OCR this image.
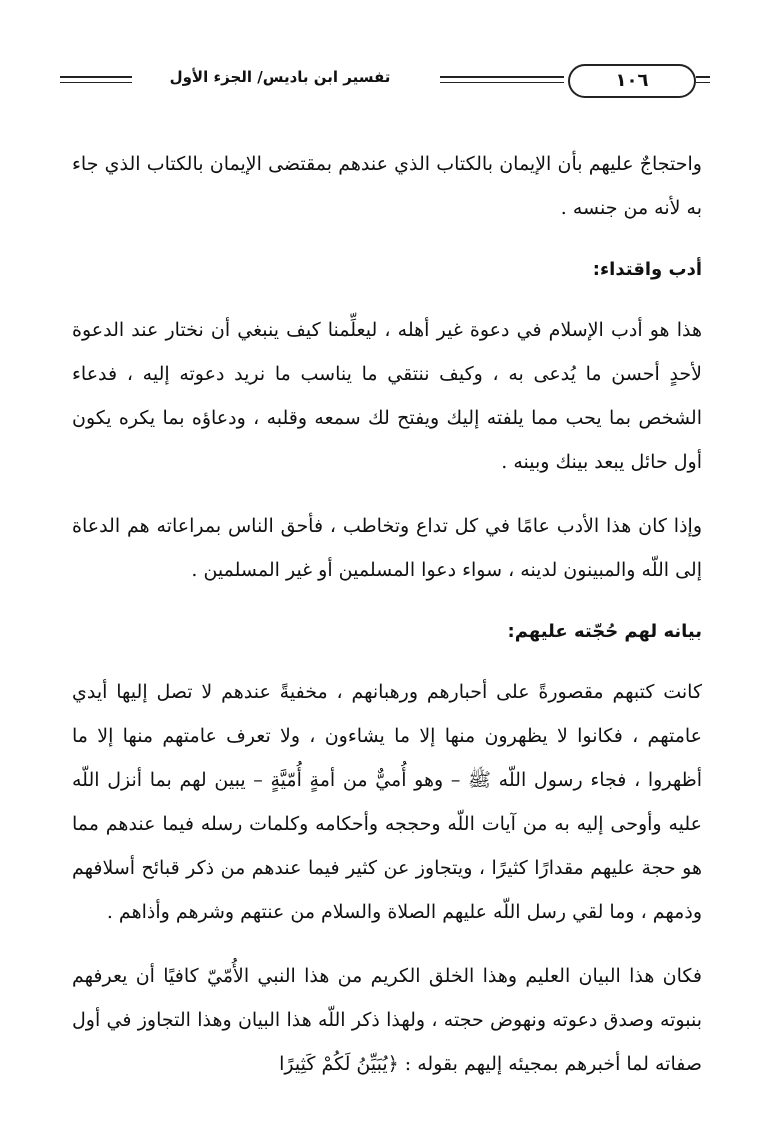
تفسير ابن باديس/ الجزء الأول	١٠٦

واحتجاجٌ عليهم بأن الإيمان بالكتاب الذي عندهم بمقتضى الإيمان بالكتاب الذي جاء به لأنه من جنسه .

أدب واقتداء:

هذا هو أدب الإسلام في دعوة غير أهله ، ليعلِّمنا كيف ينبغي أن نختار عند الدعوة لأحدٍ أحسن ما يُدعى به ، وكيف ننتقي ما يناسب ما نريد دعوته إليه ، فدعاء الشخص بما يحب مما يلفته إليك ويفتح لك سمعه وقلبه ، ودعاؤه بما يكره يكون أول حائل يبعد بينك وبينه .

وإذا كان هذا الأدب عامًا في كل تداع وتخاطب ، فأحق الناس بمراعاته هم الدعاة إلى اللّه والمبينون لدينه ، سواء دعوا المسلمين أو غير المسلمين .

بيانه لهم حُجّته عليهم:

كانت كتبهم مقصورةً على أحبارهم ورهبانهم ، مخفيةً عندهم لا تصل إليها أيدي عامتهم ، فكانوا لا يظهرون منها إلا ما يشاءون ، ولا تعرف عامتهم منها إلا ما أظهروا ، فجاء رسول اللّه ﷺ – وهو أُميٌّ من أمةٍ أُمّيَّةٍ – يبين لهم بما أنزل اللّه عليه وأوحى إليه به من آيات اللّه وحججه وأحكامه وكلمات رسله فيما عندهم مما هو حجة عليهم مقدارًا كثيرًا ، ويتجاوز عن كثير فيما عندهم من ذكر قبائح أسلافهم وذمهم ، وما لقي رسل اللّه عليهم الصلاة والسلام من عنتهم وشرهم وأذاهم .

فكان هذا البيان العليم وهذا الخلق الكريم من هذا النبي الأُمّيّ كافيًا أن يعرفهم بنبوته وصدق دعوته ونهوض حجته ، ولهذا ذكر اللّه هذا البيان وهذا التجاوز في أول صفاته لما أخبرهم بمجيئه إليهم بقوله : ﴿يُبَيِّنُ لَكُمْ كَثِيرًا
